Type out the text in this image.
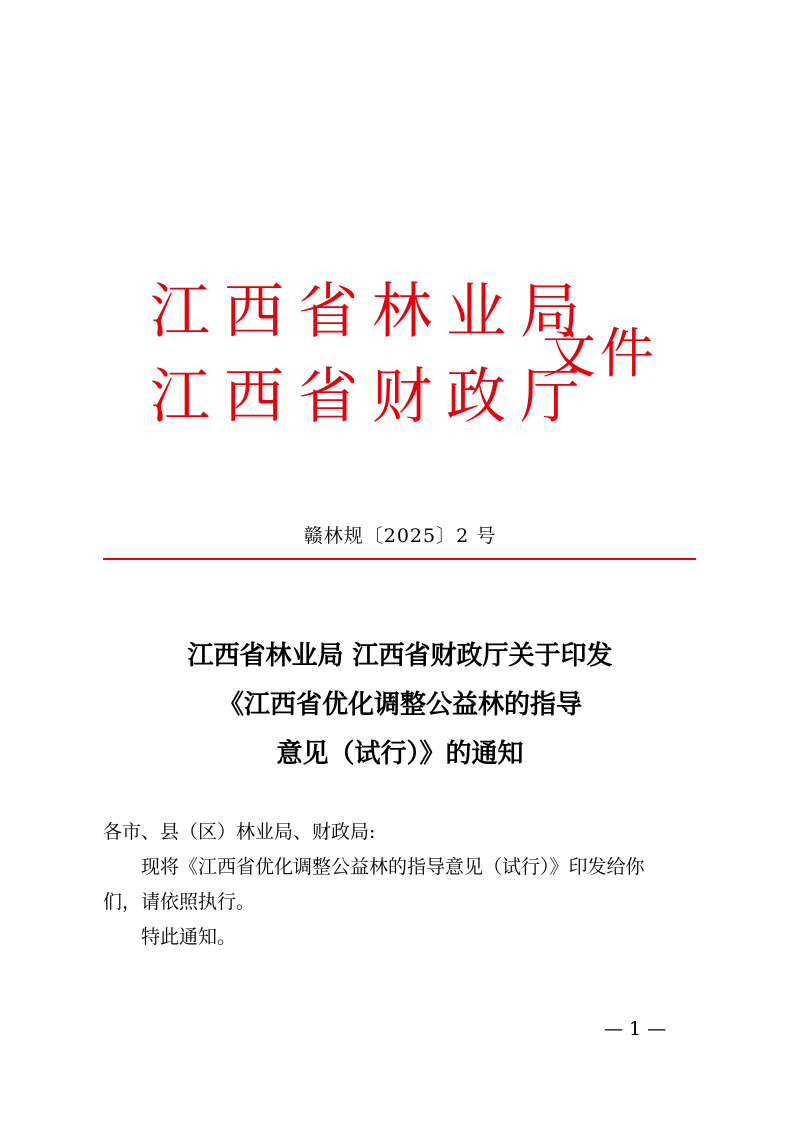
江西省林业局
江西省财政厅
文件
赣林规〔2025〕2 号
江西省林业局 江西省财政厅关于印发
《江西省优化调整公益林的指导
意见（试行）》的通知

各市、县（区）林业局、财政局:

现将《江西省优化调整公益林的指导意见（试行）》印发给你

们，请依照执行。

特此通知。

— 1 —
